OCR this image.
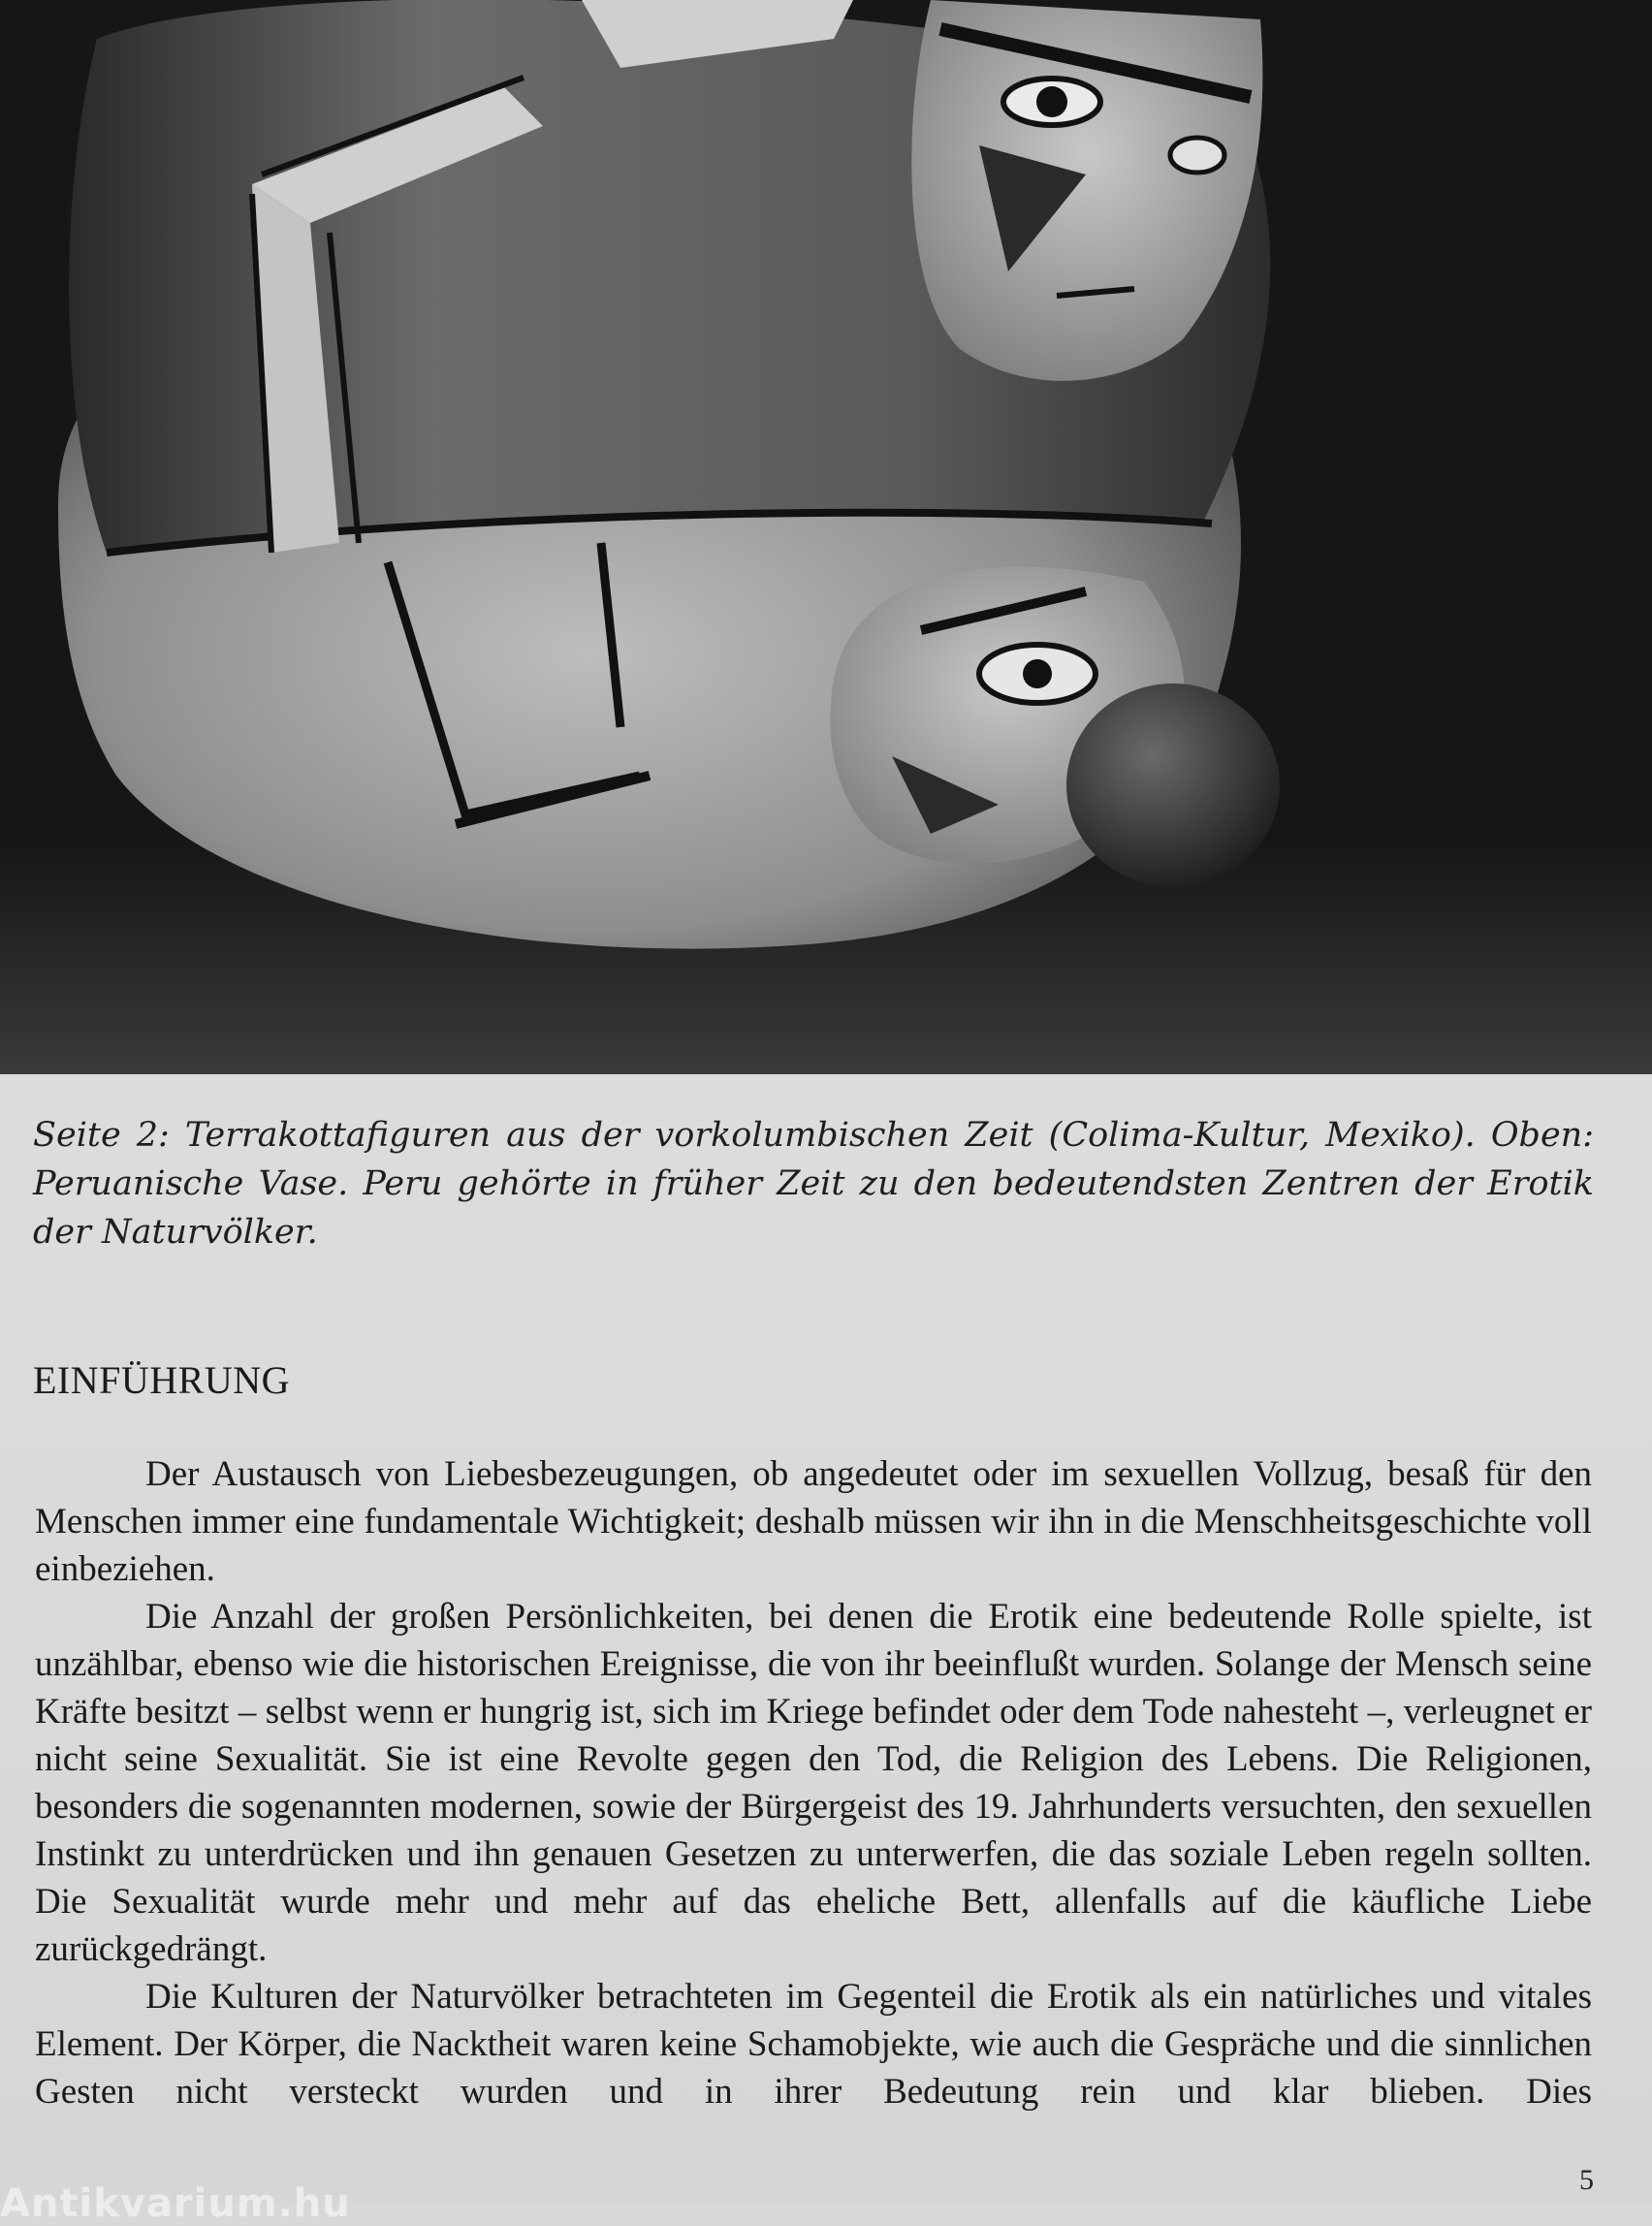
Seite 2: Terrakottafiguren aus der vorkolumbischen Zeit (Colima-Kultur, Mexiko). Oben: Peruanische Vase. Peru gehörte in früher Zeit zu den bedeutendsten Zentren der Erotik der Naturvölker.
EINFÜHRUNG

Der Austausch von Liebesbezeugungen, ob angedeutet oder im sexuellen Vollzug, besaß für den Menschen immer eine fundamentale Wichtigkeit; deshalb müssen wir ihn in die Menschheitsgeschichte voll einbeziehen.

Die Anzahl der großen Persönlichkeiten, bei denen die Erotik eine bedeutende Rolle spielte, ist unzählbar, ebenso wie die historischen Ereignisse, die von ihr beeinflußt wurden. Solange der Mensch seine Kräfte besitzt – selbst wenn er hungrig ist, sich im Kriege befindet oder dem Tode nahesteht –, verleugnet er nicht seine Sexualität. Sie ist eine Revolte gegen den Tod, die Religion des Lebens. Die Religionen, besonders die sogenannten modernen, sowie der Bürgergeist des 19. Jahrhunderts versuchten, den sexuellen Instinkt zu unterdrücken und ihn genauen Gesetzen zu unterwerfen, die das soziale Leben regeln sollten. Die Sexualität wurde mehr und mehr auf das eheliche Bett, allenfalls auf die käufliche Liebe zurückgedrängt.

Die Kulturen der Naturvölker betrachteten im Gegenteil die Erotik als ein natürliches und vitales Element. Der Körper, die Nacktheit waren keine Schamobjekte, wie auch die Gespräche und die sinnlichen Gesten nicht versteckt wurden und in ihrer Bedeutung rein und klar blieben. Dies

5
Antikvarium.hu
